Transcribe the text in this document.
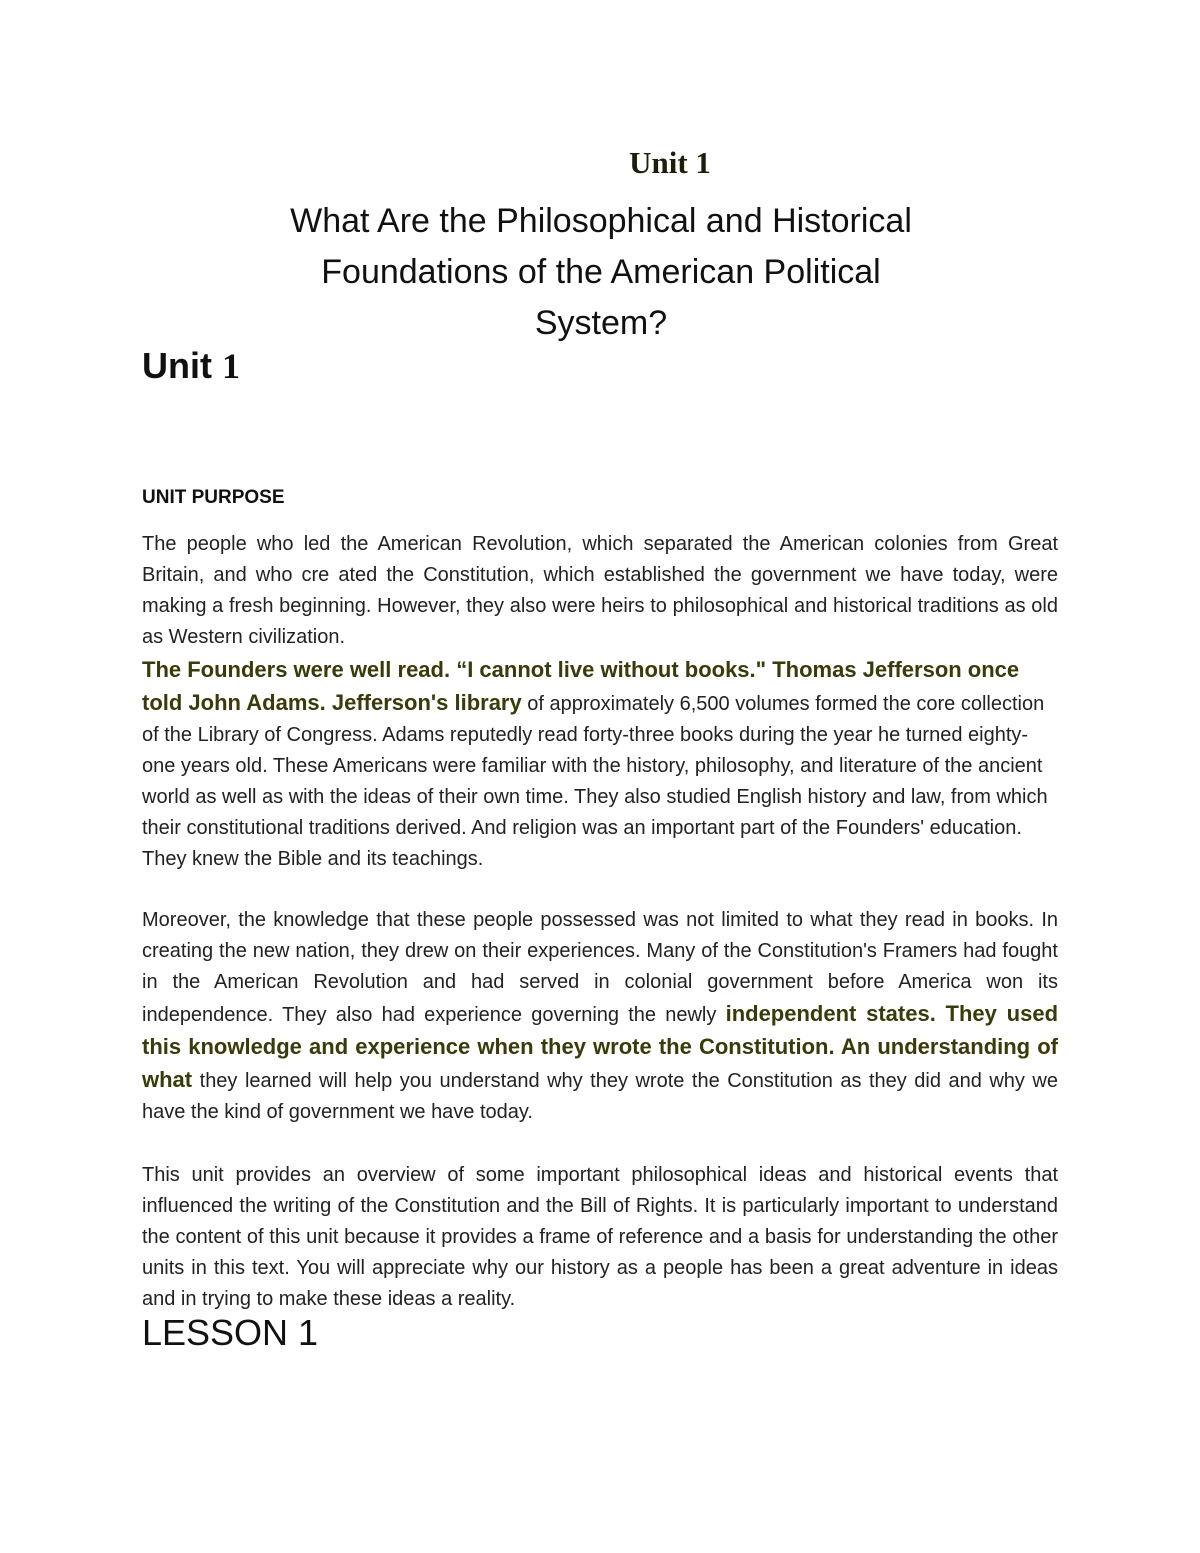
Unit 1
What Are the Philosophical and Historical
Foundations of the American Political
System?
Unit 1
UNIT PURPOSE
The people who led the American Revolution, which separated the American colonies from Great Britain, and who cre ated the Constitution, which established the government we have today, were making a fresh beginning. However, they also were heirs to philosophical and historical traditions as old as Western civilization.
The Founders were well read. “I cannot live without books." Thomas Jefferson once told John Adams. Jefferson's library of approximately 6,500 volumes formed the core collection of the Library of Congress. Adams reputedly read forty-three books during the year he turned eighty-one years old. These Americans were familiar with the history, philosophy, and literature of the ancient world as well as with the ideas of their own time. They also studied English history and law, from which their constitutional traditions derived. And religion was an important part of the Founders' education. They knew the Bible and its teachings.
Moreover, the knowledge that these people possessed was not limited to what they read in books. In creating the new nation, they drew on their experiences. Many of the Constitution's Framers had fought in the American Revolution and had served in colonial government before America won its independence. They also had experience governing the newly independent states. They used this knowledge and experience when they wrote the Constitution. An understanding of what they learned will help you understand why they wrote the Constitution as they did and why we have the kind of government we have today.
This unit provides an overview of some important philosophical ideas and historical events that influenced the writing of the Constitution and the Bill of Rights. It is particularly important to understand the content of this unit because it provides a frame of reference and a basis for understanding the other units in this text. You will appreciate why our history as a people has been a great adventure in ideas and in trying to make these ideas a reality.
LESSON 1
